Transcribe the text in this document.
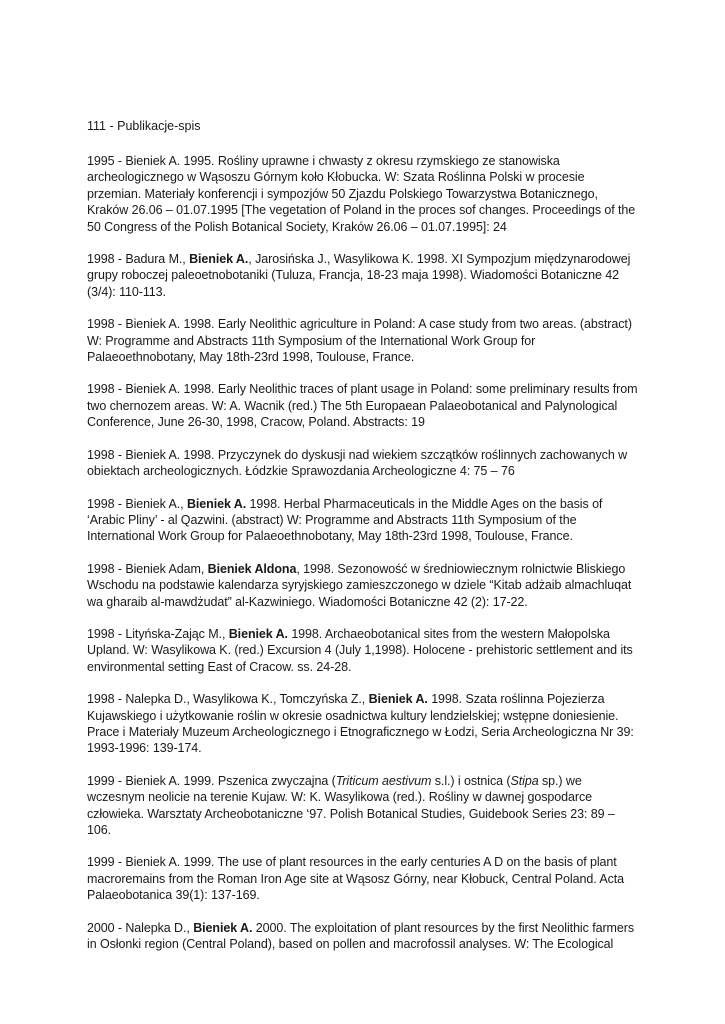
111 - Publikacje-spis

1995 - Bieniek A. 1995. Rośliny uprawne i chwasty z okresu rzymskiego ze stanowiska archeologicznego w Wąsoszu Górnym koło Kłobucka. W: Szata Roślinna Polski w procesie przemian. Materiały konferencji i sympozjów 50 Zjazdu Polskiego Towarzystwa Botanicznego, Kraków 26.06 – 01.07.1995 [The vegetation of Poland in the proces sof changes. Proceedings of the 50 Congress of the Polish Botanical Society, Kraków 26.06 – 01.07.1995]: 24

1998 - Badura M., Bieniek A., Jarosińska J., Wasylikowa K. 1998. XI Sympozjum międzynarodowej grupy roboczej paleoetnobotaniki (Tuluza, Francja, 18-23 maja 1998). Wiadomości Botaniczne 42 (3/4): 110-113.

1998 - Bieniek A. 1998. Early Neolithic agriculture in Poland: A case study from two areas. (abstract) W: Programme and Abstracts 11th Symposium of the International Work Group for Palaeoethnobotany, May 18th-23rd 1998, Toulouse, France.

1998 - Bieniek A. 1998. Early Neolithic traces of plant usage in Poland: some preliminary results from two chernozem areas. W: A. Wacnik (red.) The 5th Europaean Palaeobotanical and Palynological Conference, June 26-30, 1998, Cracow, Poland. Abstracts: 19

1998 - Bieniek A. 1998. Przyczynek do dyskusji nad wiekiem szczątków roślinnych zachowanych w obiektach archeologicznych. Łódzkie Sprawozdania Archeologiczne 4: 75 – 76

1998 - Bieniek A., Bieniek A. 1998. Herbal Pharmaceuticals in the Middle Ages on the basis of ‘Arabic Pliny’ - al Qazwini. (abstract) W: Programme and Abstracts 11th Symposium of the International Work Group for Palaeoethnobotany, May 18th-23rd 1998, Toulouse, France.

1998 - Bieniek Adam, Bieniek Aldona, 1998. Sezonowość w średniowiecznym rolnictwie Bliskiego Wschodu na podstawie kalendarza syryjskiego zamieszczonego w dziele “Kitab adżaib almachluqat wa gharaib al-mawdżudat” al-Kazwiniego. Wiadomości Botaniczne 42 (2): 17-22.

1998 - Lityńska-Zając M., Bieniek A. 1998. Archaeobotanical sites from the western Małopolska Upland. W: Wasylikowa K. (red.) Excursion 4 (July 1,1998). Holocene - prehistoric settlement and its environmental setting East of Cracow. ss. 24-28.

1998 - Nalepka D., Wasylikowa K., Tomczyńska Z., Bieniek A. 1998. Szata roślinna Pojezierza Kujawskiego i użytkowanie roślin w okresie osadnictwa kultury lendzielskiej; wstępne doniesienie. Prace i Materiały Muzeum Archeologicznego i Etnograficznego w Łodzi, Seria Archeologiczna Nr 39: 1993-1996: 139-174.

1999 - Bieniek A. 1999. Pszenica zwyczajna (Triticum aestivum s.l.) i ostnica (Stipa sp.) we wczesnym neolicie na terenie Kujaw. W: K. Wasylikowa (red.). Rośliny w dawnej gospodarce człowieka. Warsztaty Archeobotaniczne ‘97. Polish Botanical Studies, Guidebook Series 23: 89 – 106.

1999 - Bieniek A. 1999. The use of plant resources in the early centuries A D on the basis of plant macroremains from the Roman Iron Age site at Wąsosz Górny, near Kłobuck, Central Poland. Acta Palaeobotanica 39(1): 137-169.

2000 - Nalepka D., Bieniek A. 2000. The exploitation of plant resources by the first Neolithic farmers in Osłonki region (Central Poland), based on pollen and macrofossil analyses. W: The Ecological
